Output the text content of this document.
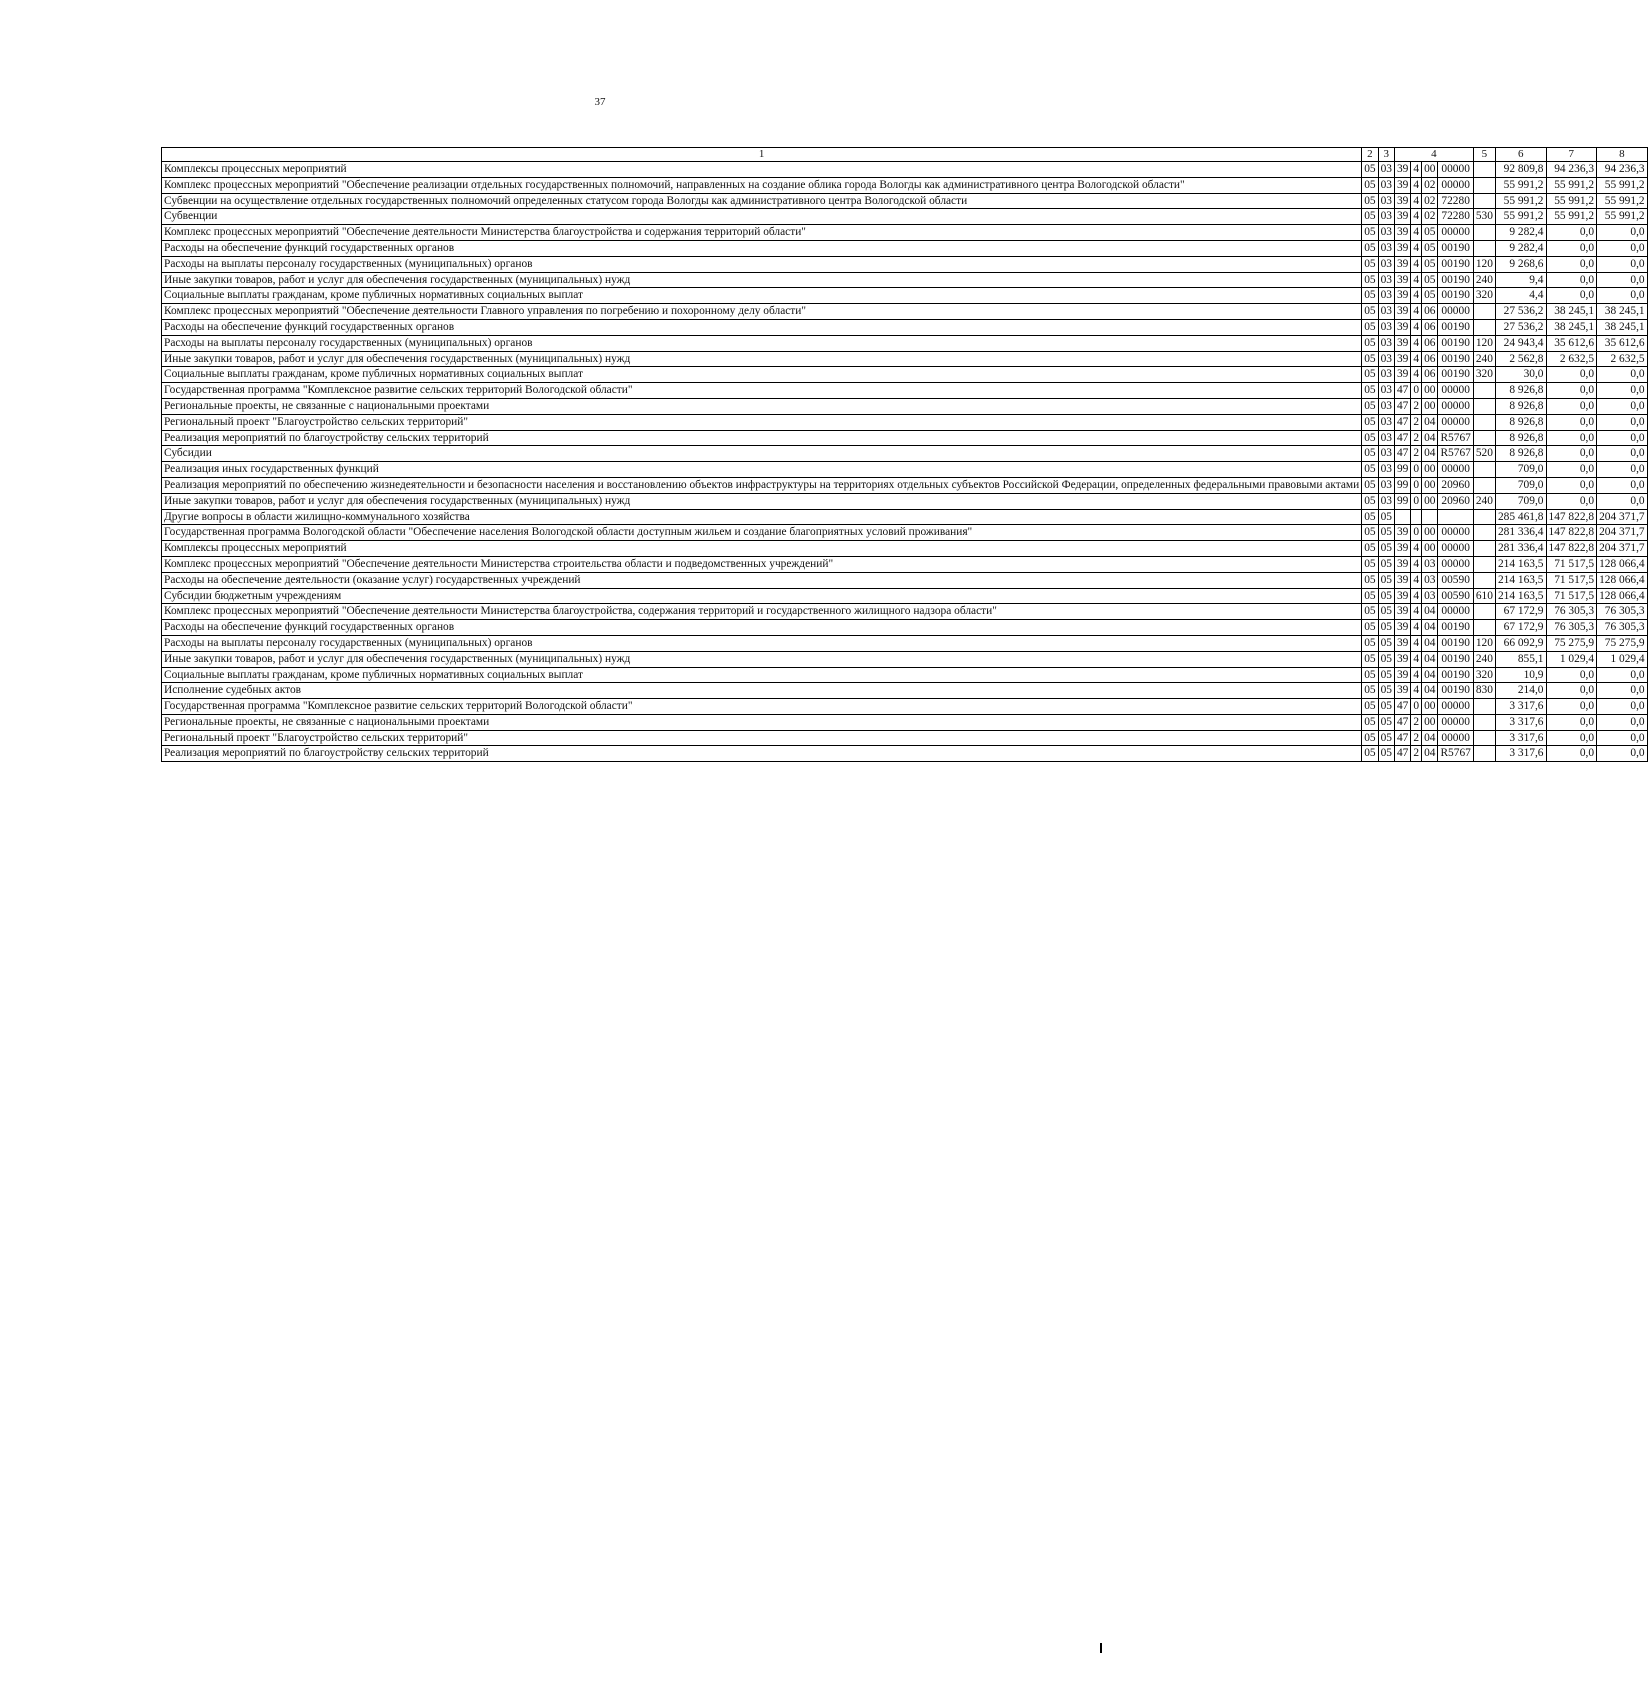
37
1	2	3	4				5	6	7	8
Комплексы процессных мероприятий	05	03	39	4	00	00000		92 809,8	94 236,3	94 236,3
Комплекс процессных мероприятий "Обеспечение реализации отдельных государственных полномочий, направленных на создание облика города Вологды как административного центра Вологодской области"	05	03	39	4	02	00000		55 991,2	55 991,2	55 991,2
Субвенции на осуществление отдельных государственных полномочий определенных статусом города Вологды как административного центра Вологодской области	05	03	39	4	02	72280		55 991,2	55 991,2	55 991,2
Субвенции	05	03	39	4	02	72280	530	55 991,2	55 991,2	55 991,2
Комплекс процессных мероприятий "Обеспечение деятельности Министерства благоустройства и содержания территорий области"	05	03	39	4	05	00000		9 282,4	0,0	0,0
Расходы на обеспечение функций государственных органов	05	03	39	4	05	00190		9 282,4	0,0	0,0
Расходы на выплаты персоналу государственных (муниципальных) органов	05	03	39	4	05	00190	120	9 268,6	0,0	0,0
Иные закупки товаров, работ и услуг для обеспечения государственных (муниципальных) нужд	05	03	39	4	05	00190	240	9,4	0,0	0,0
Социальные выплаты гражданам, кроме публичных нормативных социальных выплат	05	03	39	4	05	00190	320	4,4	0,0	0,0
Комплекс процессных мероприятий "Обеспечение деятельности Главного управления по погребению и похоронному делу области"	05	03	39	4	06	00000		27 536,2	38 245,1	38 245,1
Расходы на обеспечение функций государственных органов	05	03	39	4	06	00190		27 536,2	38 245,1	38 245,1
Расходы на выплаты персоналу государственных (муниципальных) органов	05	03	39	4	06	00190	120	24 943,4	35 612,6	35 612,6
Иные закупки товаров, работ и услуг для обеспечения государственных (муниципальных) нужд	05	03	39	4	06	00190	240	2 562,8	2 632,5	2 632,5
Социальные выплаты гражданам, кроме публичных нормативных социальных выплат	05	03	39	4	06	00190	320	30,0	0,0	0,0
Государственная программа "Комплексное развитие сельских территорий Вологодской области"	05	03	47	0	00	00000		8 926,8	0,0	0,0
Региональные проекты, не связанные с национальными проектами	05	03	47	2	00	00000		8 926,8	0,0	0,0
Региональный проект "Благоустройство сельских территорий"	05	03	47	2	04	00000		8 926,8	0,0	0,0
Реализация мероприятий по благоустройству сельских территорий	05	03	47	2	04	R5767		8 926,8	0,0	0,0
Субсидии	05	03	47	2	04	R5767	520	8 926,8	0,0	0,0
Реализация иных государственных функций	05	03	99	0	00	00000		709,0	0,0	0,0
Реализация мероприятий по обеспечению жизнедеятельности и безопасности населения и восстановлению объектов инфраструктуры на территориях отдельных субъектов Российской Федерации, определенных федеральными правовыми актами	05	03	99	0	00	20960		709,0	0,0	0,0
Иные закупки товаров, работ и услуг для обеспечения государственных (муниципальных) нужд	05	03	99	0	00	20960	240	709,0	0,0	0,0
Другие вопросы в области жилищно-коммунального хозяйства	05	05						285 461,8	147 822,8	204 371,7
Государственная программа Вологодской области "Обеспечение населения Вологодской области доступным жильем и создание благоприятных условий проживания"	05	05	39	0	00	00000		281 336,4	147 822,8	204 371,7
Комплексы процессных мероприятий	05	05	39	4	00	00000		281 336,4	147 822,8	204 371,7
Комплекс процессных мероприятий "Обеспечение деятельности Министерства строительства области и подведомственных учреждений"	05	05	39	4	03	00000		214 163,5	71 517,5	128 066,4
Расходы на обеспечение деятельности (оказание услуг) государственных учреждений	05	05	39	4	03	00590		214 163,5	71 517,5	128 066,4
Субсидии бюджетным учреждениям	05	05	39	4	03	00590	610	214 163,5	71 517,5	128 066,4
Комплекс процессных мероприятий "Обеспечение деятельности Министерства благоустройства, содержания территорий и государственного жилищного надзора области"	05	05	39	4	04	00000		67 172,9	76 305,3	76 305,3
Расходы на обеспечение функций государственных органов	05	05	39	4	04	00190		67 172,9	76 305,3	76 305,3
Расходы на выплаты персоналу государственных (муниципальных) органов	05	05	39	4	04	00190	120	66 092,9	75 275,9	75 275,9
Иные закупки товаров, работ и услуг для обеспечения государственных (муниципальных) нужд	05	05	39	4	04	00190	240	855,1	1 029,4	1 029,4
Социальные выплаты гражданам, кроме публичных нормативных социальных выплат	05	05	39	4	04	00190	320	10,9	0,0	0,0
Исполнение судебных актов	05	05	39	4	04	00190	830	214,0	0,0	0,0
Государственная программа "Комплексное развитие сельских территорий Вологодской области"	05	05	47	0	00	00000		3 317,6	0,0	0,0
Региональные проекты, не связанные с национальными проектами	05	05	47	2	00	00000		3 317,6	0,0	0,0
Региональный проект "Благоустройство сельских территорий"	05	05	47	2	04	00000		3 317,6	0,0	0,0
Реализация мероприятий по благоустройству сельских территорий	05	05	47	2	04	R5767		3 317,6	0,0	0,0
